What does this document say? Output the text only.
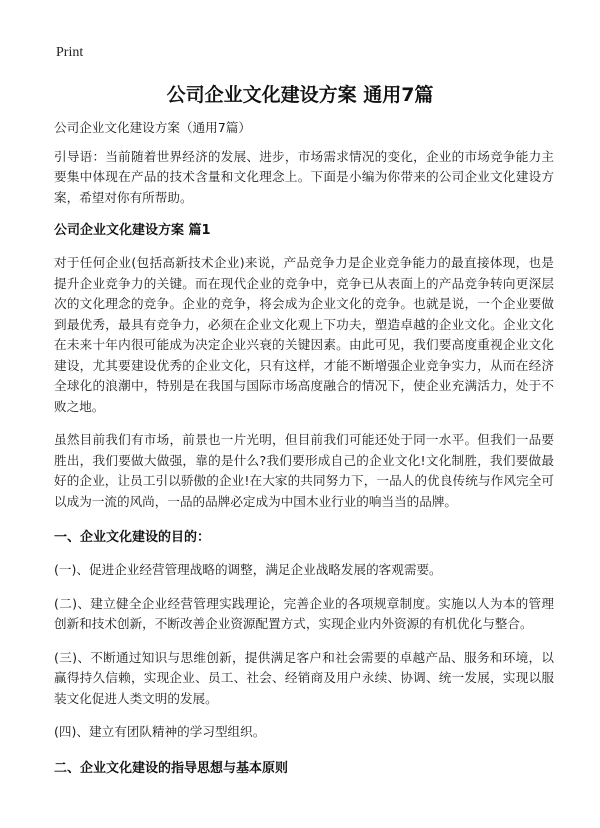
Print
公司企业文化建设方案 通用7篇

公司企业文化建设方案（通用7篇）

引导语：当前随着世界经济的发展、进步，市场需求情况的变化，企业的市场竞争能力主要集中体现在产品的技术含量和文化理念上。下面是小编为你带来的公司企业文化建设方案，希望对你有所帮助。

公司企业文化建设方案 篇1

对于任何企业(包括高新技术企业)来说，产品竞争力是企业竞争能力的最直接体现，也是提升企业竞争力的关键。而在现代企业的竞争中，竞争已从表面上的产品竞争转向更深层次的文化理念的竞争。企业的竞争，将会成为企业文化的竞争。也就是说，一个企业要做到最优秀，最具有竞争力，必须在企业文化观上下功夫，塑造卓越的企业文化。企业文化在未来十年内很可能成为决定企业兴衰的关键因素。由此可见，我们要高度重视企业文化建设，尤其要建设优秀的企业文化，只有这样，才能不断增强企业竞争实力，从而在经济全球化的浪潮中，特别是在我国与国际市场高度融合的情况下，使企业充满活力，处于不败之地。

虽然目前我们有市场，前景也一片光明，但目前我们可能还处于同一水平。但我们一品要胜出，我们要做大做强，靠的是什么?我们要形成自己的企业文化!文化制胜，我们要做最好的企业，让员工引以骄傲的企业!在大家的共同努力下，一品人的优良传统与作风完全可以成为一流的风尚，一品的品牌必定成为中国木业行业的响当当的品牌。

一、企业文化建设的目的：

(一)、促进企业经营管理战略的调整，满足企业战略发展的客观需要。

(二)、建立健全企业经营管理实践理论，完善企业的各项规章制度。实施以人为本的管理创新和技术创新，不断改善企业资源配置方式，实现企业内外资源的有机优化与整合。

(三)、不断通过知识与思维创新，提供满足客户和社会需要的卓越产品、服务和环境，以赢得持久信赖，实现企业、员工、社会、经销商及用户永续、协调、统一发展，实现以服装文化促进人类文明的发展。

(四)、建立有团队精神的学习型组织。

二、企业文化建设的指导思想与基本原则
